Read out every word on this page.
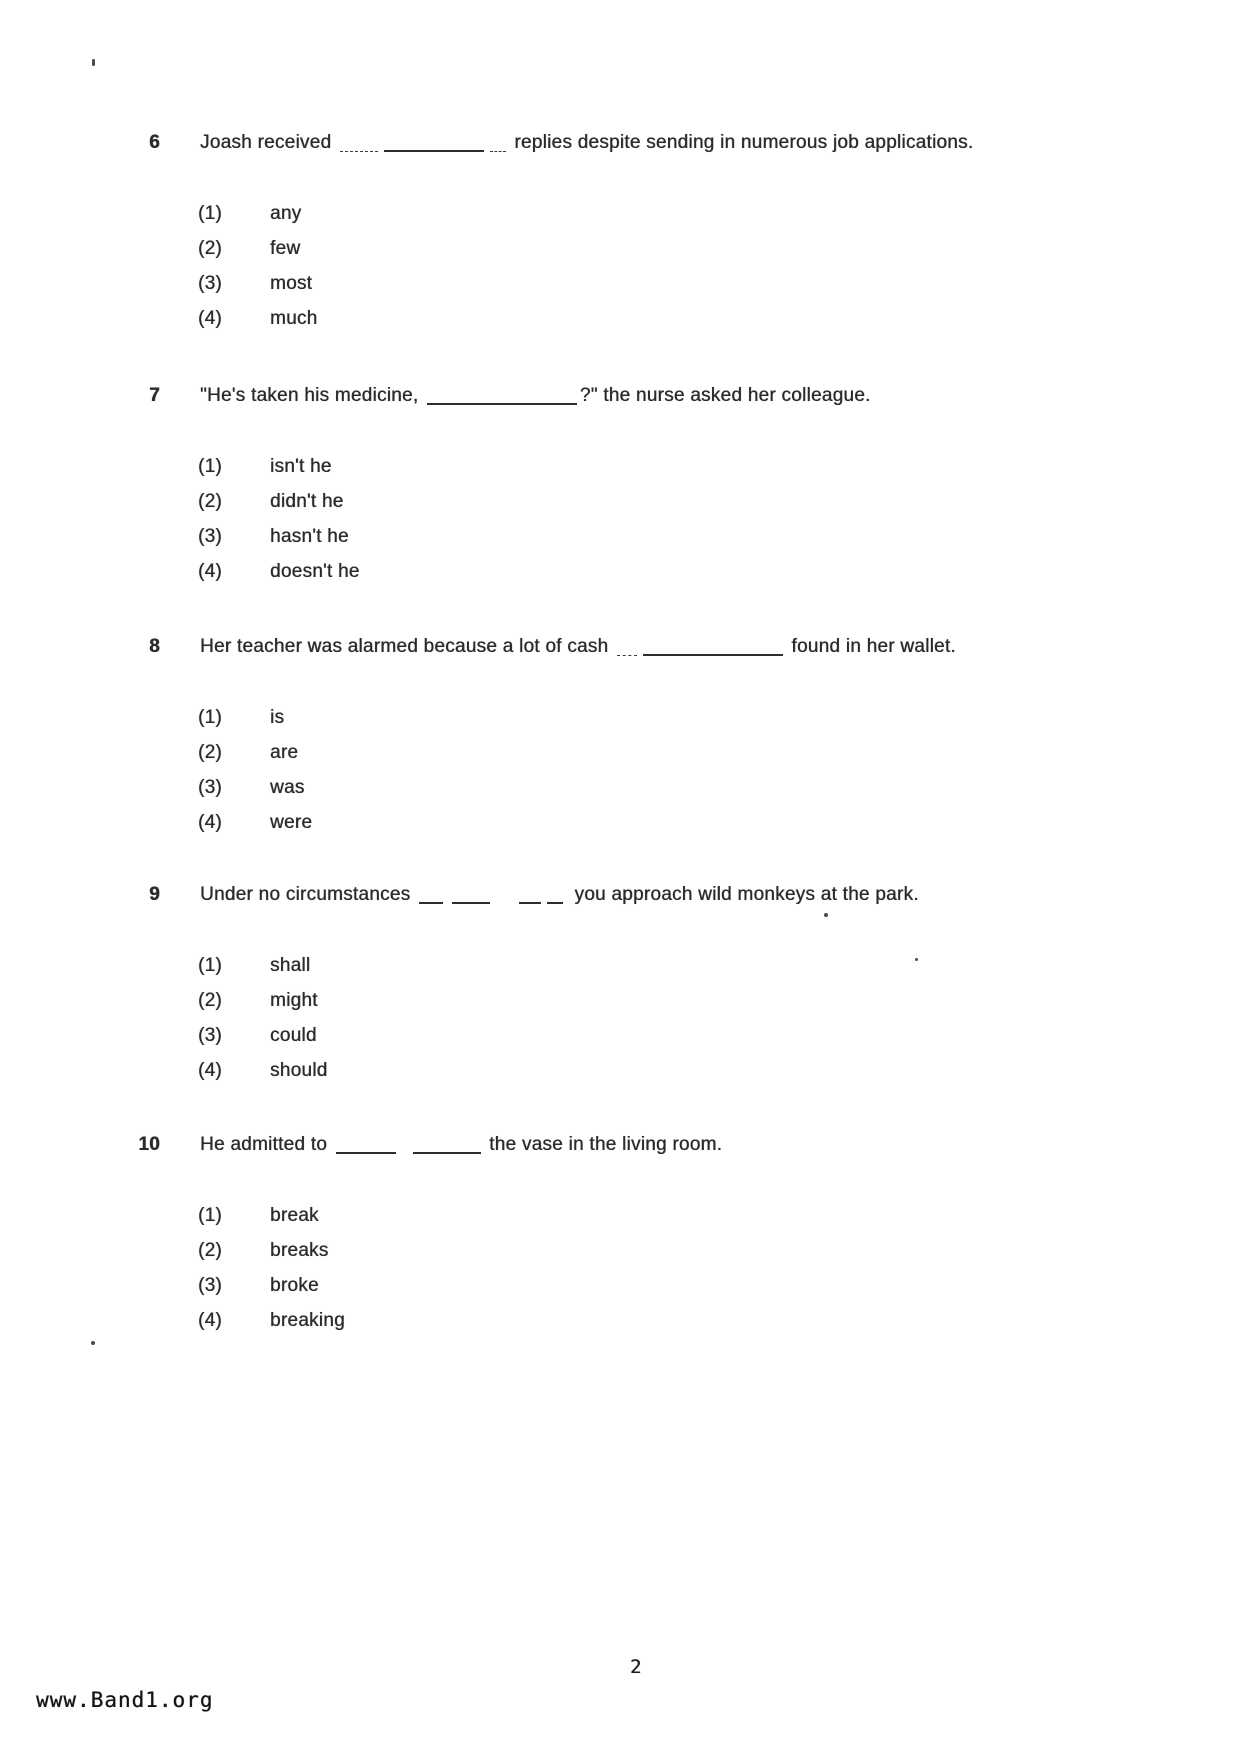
6 Joash received	replies despite sending in numerous job applications.
(1)	any
(2)	few
(3)	most
(4)	much
7 "He's taken his medicine,	?" the nurse asked her colleague.
(1)	isn't he
(2)	didn't he
(3)	hasn't he
(4)	doesn't he
8 Her teacher was alarmed because a lot of cash	found in her wallet.
(1)	is
(2)	are
(3)	was
(4)	were
9 Under no circumstances	you approach wild monkeys at the park.
(1)	shall
(2)	might
(3)	could
(4)	should
10 He admitted to	the vase in the living room.
(1)	break
(2)	breaks
(3)	broke
(4)	breaking
2
www.Band1.org
